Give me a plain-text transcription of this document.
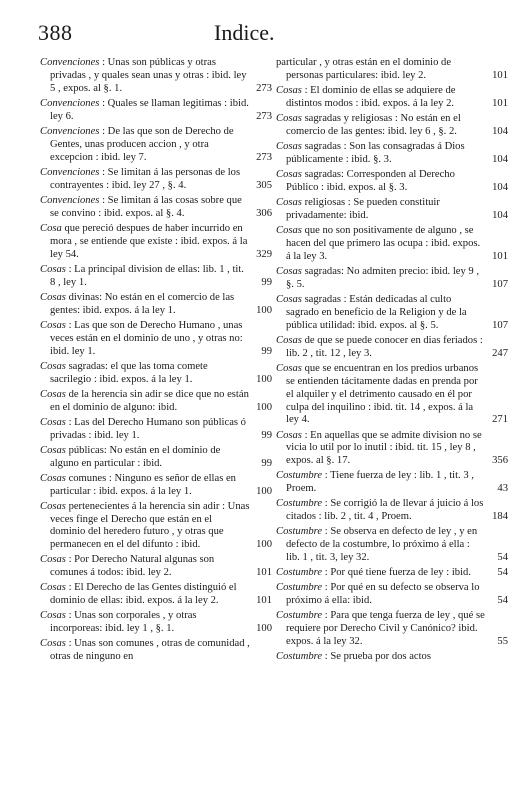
388	Indice.
Convenciones : Unas son públicas y otras privadas , y quales sean unas y otras : ibid. ley 5 , expos. al §. 1.	273
Convenciones : Quales se llaman legitimas : ibid. ley 6.	273
Convenciones : De las que son de Derecho de Gentes, unas producen accion , y otra excepcion : ibid. ley 7.	273
Convenciones : Se limitan á las personas de los contrayentes : ibid. ley 27 , §. 4.	305
Convenciones : Se limitan á las cosas sobre que se convino : ibid. expos. al §. 4.	306
Cosa que pereció despues de haber incurrido en mora , se entiende que existe : ibid. expos. á la ley 54.	329
Cosas : La principal division de ellas: lib. 1 , tit. 8 , ley 1.	99
Cosas divinas: No están en el comercio de las gentes: ibid. expos. á la ley 1.	100
Cosas : Las que son de Derecho Humano , unas veces están en el dominio de uno , y otras no: ibid. ley 1.	99
Cosas sagradas: el que las toma comete sacrilegio : ibid. expos. á la ley 1.	100
Cosas de la herencia sin adir se dice que no están en el dominio de alguno: ibid.	100
Cosas : Las del Derecho Humano son públicas ó privadas : ibid. ley 1.	99
Cosas públicas: No están en el dominio de alguno en particular : ibid.	99
Cosas comunes : Ninguno es señor de ellas en particular : ibid. expos. á la ley 1.	100
Cosas pertenecientes á la herencia sin adir : Unas veces finge el Derecho que están en el dominio del heredero futuro , y otras que permanecen en el del difunto : ibid.	100
Cosas : Por Derecho Natural algunas son comunes á todos: ibid. ley 2.	101
Cosas : El Derecho de las Gentes distinguió el dominio de ellas: ibid. expos. á la ley 2.	101
Cosas : Unas son corporales , y otras incorporeas: ibid. ley 1 , §. 1.	100
Cosas : Unas son comunes , otras de comunidad , otras de ninguno en
particular , y otras están en el dominio de personas particulares: ibid. ley 2.	101
Cosas : El dominio de ellas se adquiere de distintos modos : ibid. expos. á la ley 2.	101
Cosas sagradas y religiosas : No están en el comercio de las gentes: ibid. ley 6 , §. 2.	104
Cosas sagradas : Son las consagradas á Dios públicamente : ibid. §. 3.	104
Cosas sagradas: Corresponden al Derecho Público : ibid. expos. al §. 3.	104
Cosas religiosas : Se pueden constituir privadamente: ibid.	104
Cosas que no son positivamente de alguno , se hacen del que primero las ocupa : ibid. expos. á la ley 3.	101
Cosas sagradas: No admiten precio: ibid. ley 9 , §. 5.	107
Cosas sagradas : Están dedicadas al culto sagrado en beneficio de la Religion y de la pública utilidad: ibid. expos. al §. 5.	107
Cosas de que se puede conocer en dias feriados : lib. 2 , tit. 12 , ley 3.	247
Cosas que se encuentran en los predios urbanos se entienden tácitamente dadas en prenda por el alquiler y el detrimento causado en él por culpa del inquilino : ibid. tit. 14 , expos. á la ley 4.	271
Cosas : En aquellas que se admite division no se vicia lo util por lo inutil : ibid. tit. 15 , ley 8 , expos. al §. 17.	356
Costumbre : Tiene fuerza de ley : lib. 1 , tit. 3 , Proem.	43
Costumbre : Se corrigió la de llevar á juicio á los citados : lib. 2 , tit. 4 , Proem.	184
Costumbre : Se observa en defecto de ley , y en defecto de la costumbre, lo próximo á ella : lib. 1 , tit. 3, ley 32.	54
Costumbre : Por qué tiene fuerza de ley : ibid.	54
Costumbre : Por qué en su defecto se observa lo próximo á ella: ibid.	54
Costumbre : Para que tenga fuerza de ley , qué se requiere por Derecho Civil y Canónico? ibid. expos. á la ley 32.	55
Costumbre : Se prueba por dos actos
